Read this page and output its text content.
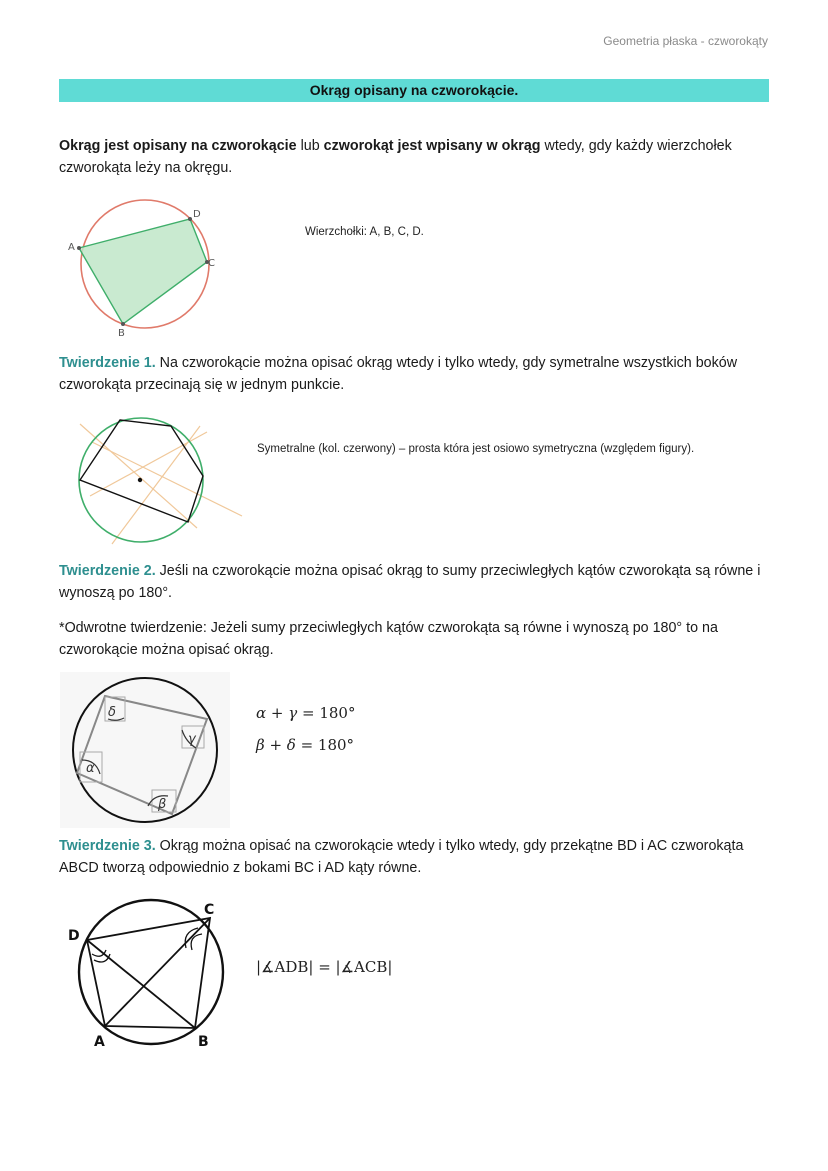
Geometria płaska - czworokąty
Okrąg opisany na czworokącie.
Okrąg jest opisany na czworokącie lub czworokąt jest wpisany w okrąg wtedy, gdy każdy wierzchołek czworokąta leży na okręgu.
A
D
C
B
Wierzchołki: A, B, C, D.
Twierdzenie 1. Na czworokącie można opisać okrąg wtedy i tylko wtedy, gdy symetralne wszystkich boków czworokąta przecinają się w jednym punkcie.
Symetralne (kol. czerwony) – prosta która jest osiowo symetryczna (względem figury).
Twierdzenie 2. Jeśli na czworokącie można opisać okrąg to sumy przeciwległych kątów czworokąta są równe i wynoszą po 180°.
*Odwrotne twierdzenie: Jeżeli sumy przeciwległych kątów czworokąta są równe i wynoszą po 180° to na czworokącie można opisać okrąg.
δ
γ
α
β
α + γ = 180°
β + δ = 180°
Twierdzenie 3. Okrąg można opisać na czworokącie wtedy i tylko wtedy, gdy przekątne BD i AC czworokąta ABCD tworzą odpowiednio z bokami BC i AD kąty równe.
D
C
A	B
|∡ADB| = |∡ACB|
